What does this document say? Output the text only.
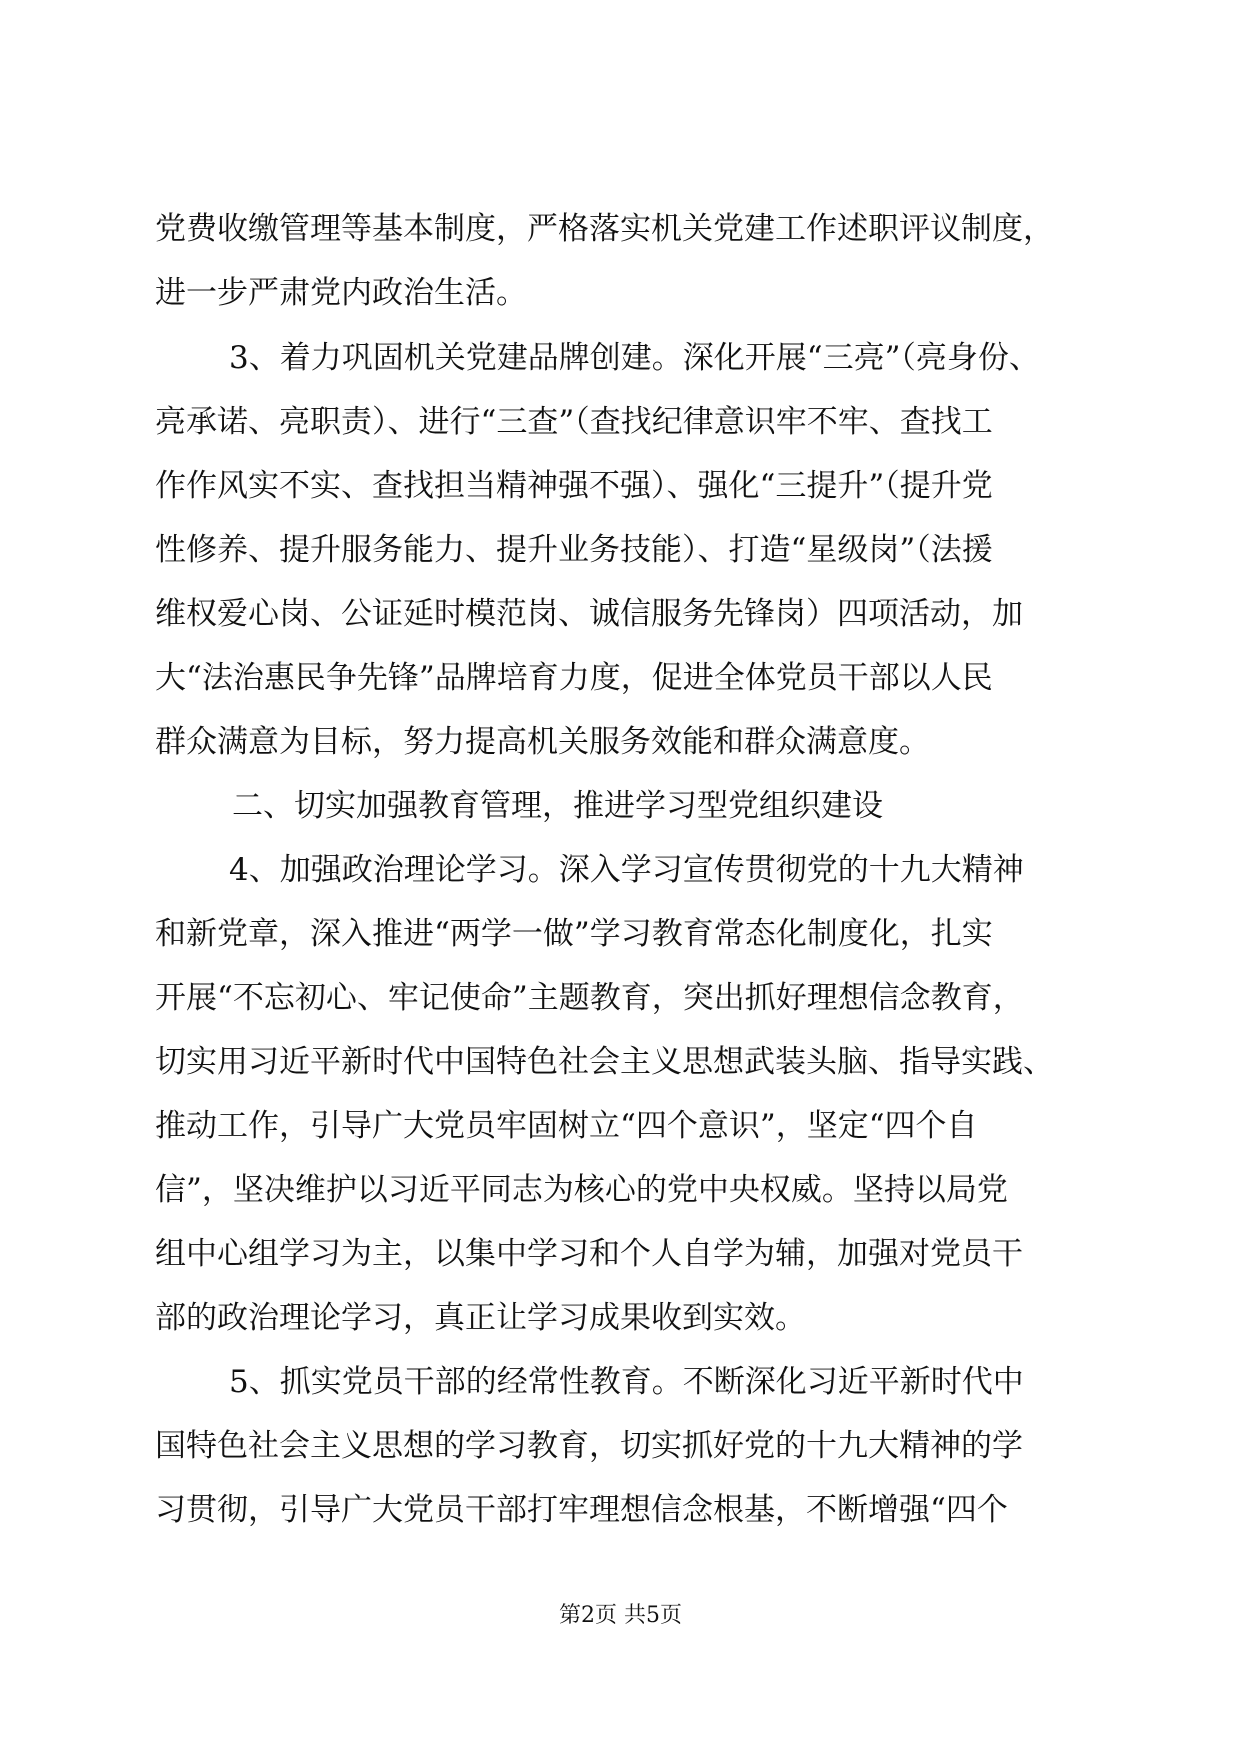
党费收缴管理等基本制度，严格落实机关党建工作述职评议制度，
进一步严肃党内政治生活。
3、着力巩固机关党建品牌创建。深化开展“三亮”（亮身份、
亮承诺、亮职责）、进行“三查”（查找纪律意识牢不牢、查找工
作作风实不实、查找担当精神强不强）、强化“三提升”（提升党
性修养、提升服务能力、提升业务技能）、打造“星级岗”（法援
维权爱心岗、公证延时模范岗、诚信服务先锋岗）四项活动，加
大“法治惠民争先锋”品牌培育力度，促进全体党员干部以人民
群众满意为目标，努力提高机关服务效能和群众满意度。
二、切实加强教育管理，推进学习型党组织建设
4、加强政治理论学习。深入学习宣传贯彻党的十九大精神
和新党章，深入推进“两学一做”学习教育常态化制度化，扎实
开展“不忘初心、牢记使命”主题教育，突出抓好理想信念教育，
切实用习近平新时代中国特色社会主义思想武装头脑、指导实践、
推动工作，引导广大党员牢固树立“四个意识”，坚定“四个自
信”，坚决维护以习近平同志为核心的党中央权威。坚持以局党
组中心组学习为主，以集中学习和个人自学为辅，加强对党员干
部的政治理论学习，真正让学习成果收到实效。
5、抓实党员干部的经常性教育。不断深化习近平新时代中
国特色社会主义思想的学习教育，切实抓好党的十九大精神的学
习贯彻，引导广大党员干部打牢理想信念根基，不断增强“四个
第2页 共5页
